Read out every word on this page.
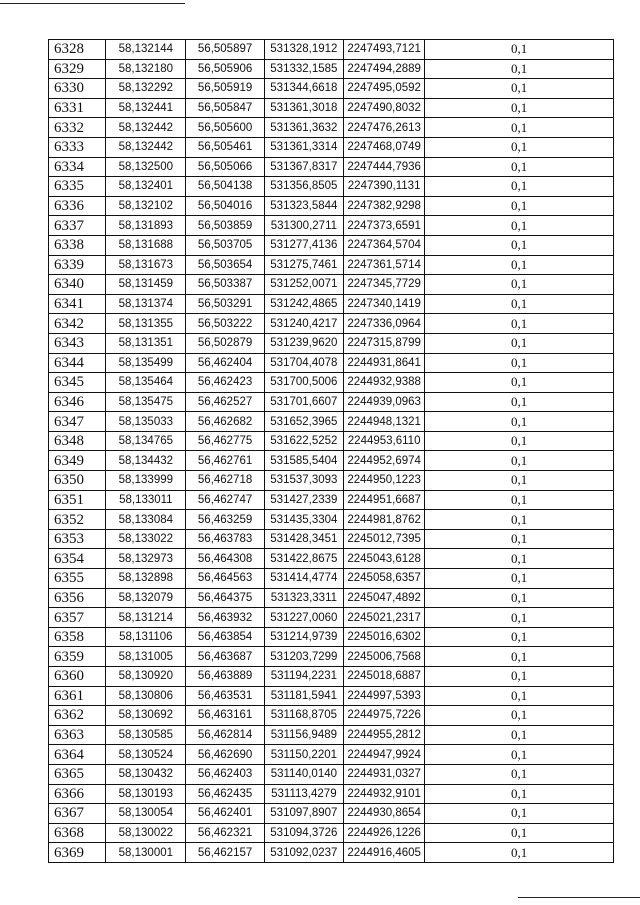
6328	58,132144	56,505897	531328,1912	2247493,7121	0,1
6329	58,132180	56,505906	531332,1585	2247494,2889	0,1
6330	58,132292	56,505919	531344,6618	2247495,0592	0,1
6331	58,132441	56,505847	531361,3018	2247490,8032	0,1
6332	58,132442	56,505600	531361,3632	2247476,2613	0,1
6333	58,132442	56,505461	531361,3314	2247468,0749	0,1
6334	58,132500	56,505066	531367,8317	2247444,7936	0,1
6335	58,132401	56,504138	531356,8505	2247390,1131	0,1
6336	58,132102	56,504016	531323,5844	2247382,9298	0,1
6337	58,131893	56,503859	531300,2711	2247373,6591	0,1
6338	58,131688	56,503705	531277,4136	2247364,5704	0,1
6339	58,131673	56,503654	531275,7461	2247361,5714	0,1
6340	58,131459	56,503387	531252,0071	2247345,7729	0,1
6341	58,131374	56,503291	531242,4865	2247340,1419	0,1
6342	58,131355	56,503222	531240,4217	2247336,0964	0,1
6343	58,131351	56,502879	531239,9620	2247315,8799	0,1
6344	58,135499	56,462404	531704,4078	2244931,8641	0,1
6345	58,135464	56,462423	531700,5006	2244932,9388	0,1
6346	58,135475	56,462527	531701,6607	2244939,0963	0,1
6347	58,135033	56,462682	531652,3965	2244948,1321	0,1
6348	58,134765	56,462775	531622,5252	2244953,6110	0,1
6349	58,134432	56,462761	531585,5404	2244952,6974	0,1
6350	58,133999	56,462718	531537,3093	2244950,1223	0,1
6351	58,133011	56,462747	531427,2339	2244951,6687	0,1
6352	58,133084	56,463259	531435,3304	2244981,8762	0,1
6353	58,133022	56,463783	531428,3451	2245012,7395	0,1
6354	58,132973	56,464308	531422,8675	2245043,6128	0,1
6355	58,132898	56,464563	531414,4774	2245058,6357	0,1
6356	58,132079	56,464375	531323,3311	2245047,4892	0,1
6357	58,131214	56,463932	531227,0060	2245021,2317	0,1
6358	58,131106	56,463854	531214,9739	2245016,6302	0,1
6359	58,131005	56,463687	531203,7299	2245006,7568	0,1
6360	58,130920	56,463889	531194,2231	2245018,6887	0,1
6361	58,130806	56,463531	531181,5941	2244997,5393	0,1
6362	58,130692	56,463161	531168,8705	2244975,7226	0,1
6363	58,130585	56,462814	531156,9489	2244955,2812	0,1
6364	58,130524	56,462690	531150,2201	2244947,9924	0,1
6365	58,130432	56,462403	531140,0140	2244931,0327	0,1
6366	58,130193	56,462435	531113,4279	2244932,9101	0,1
6367	58,130054	56,462401	531097,8907	2244930,8654	0,1
6368	58,130022	56,462321	531094,3726	2244926,1226	0,1
6369	58,130001	56,462157	531092,0237	2244916,4605	0,1
